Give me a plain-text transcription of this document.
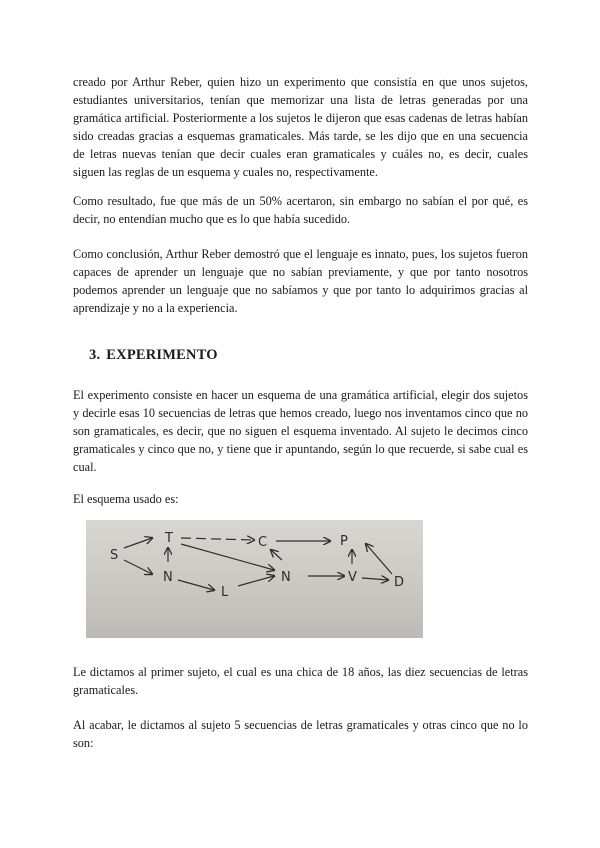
creado por Arthur Reber, quien hizo un experimento que consistía en que unos sujetos, estudiantes universitarios, tenían que memorizar una lista de letras generadas por una gramática artificial. Posteriormente a los sujetos le dijeron que esas cadenas de letras habían sido creadas gracias a esquemas gramaticales. Más tarde, se les dijo que en una secuencia de letras nuevas tenían que decir cuales eran gramaticales y cuáles no, es decir, cuales siguen las reglas de un esquema y cuales no, respectivamente.

Como resultado, fue que más de un 50% acertaron, sin embargo no sabían el por qué, es decir, no entendían mucho que es lo que había sucedido.

Como conclusión, Arthur Reber demostró que el lenguaje es innato, pues, los sujetos fueron capaces de aprender un lenguaje que no sabían previamente, y que por tanto nosotros podemos aprender un lenguaje que no sabíamos y que por tanto lo adquirimos gracias al aprendizaje y no a la experiencia.

3. EXPERIMENTO

El experimento consiste en hacer un esquema de una gramática artificial, elegir dos sujetos y decirle esas 10 secuencias de letras que hemos creado, luego nos inventamos cinco que no son gramaticales, es decir, que no siguen el esquema inventado. Al sujeto le decimos cinco gramaticales y cinco que no, y tiene que ir apuntando, según lo que recuerde, si sabe cual es cual.

El esquema usado es:

S
T
N
L
C
N
P
V	D

Le dictamos al primer sujeto, el cual es una chica de 18 años, las diez secuencias de letras gramaticales.

Al acabar, le dictamos al sujeto 5 secuencias de letras gramaticales y otras cinco que no lo son:
